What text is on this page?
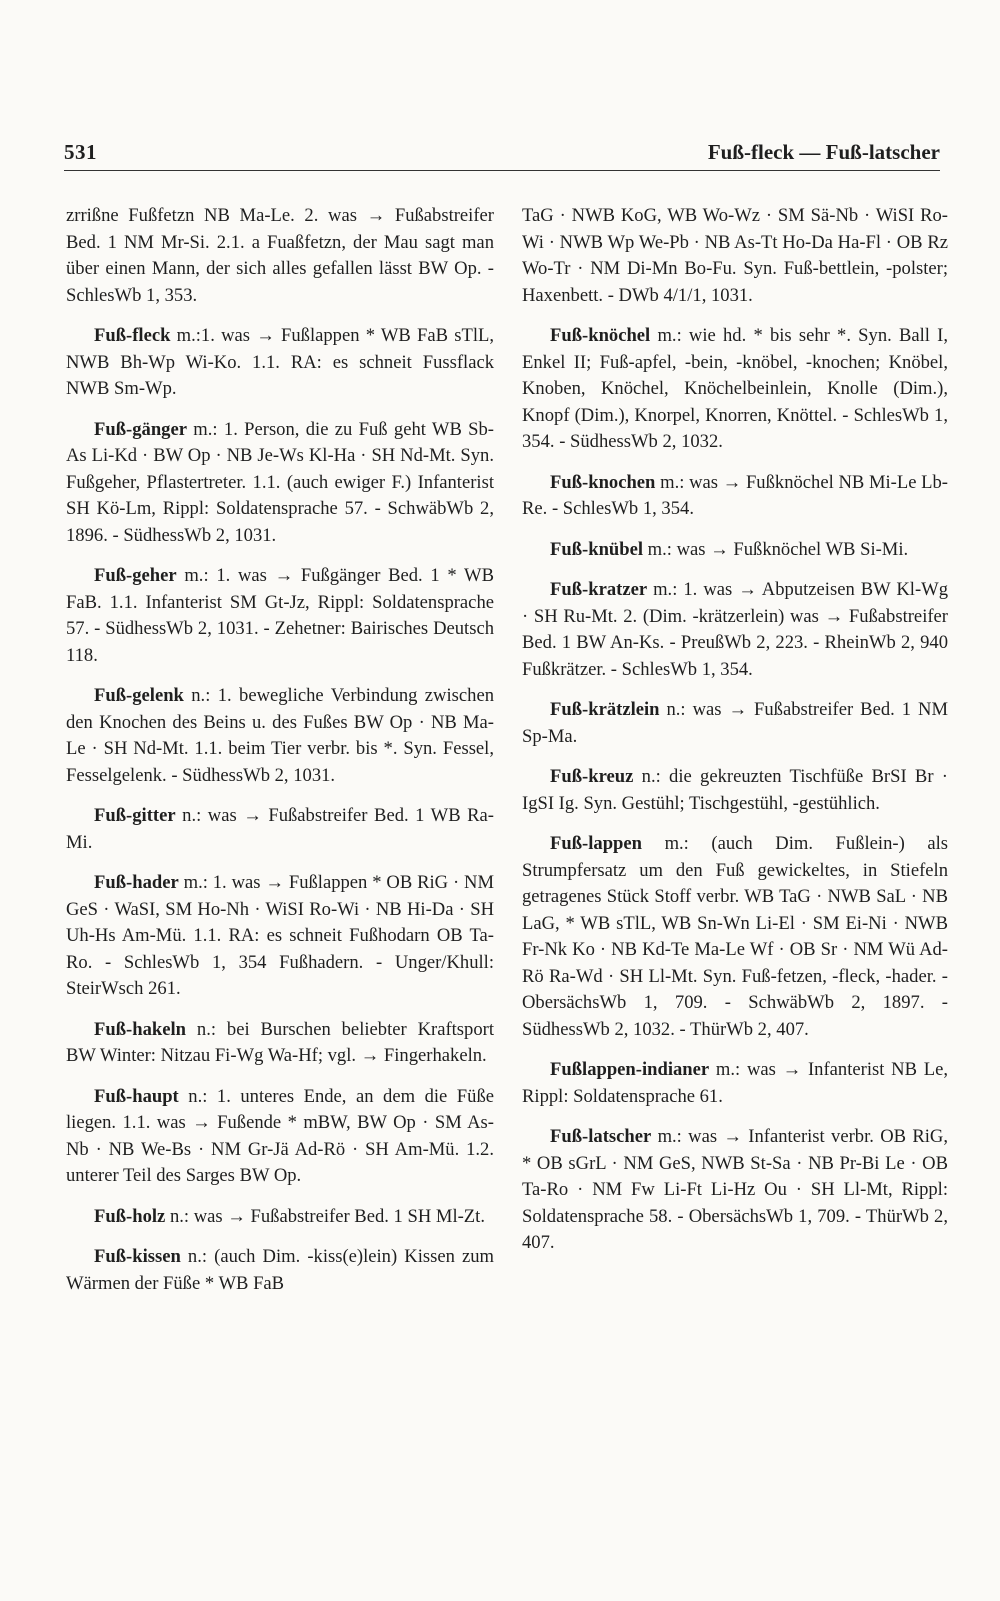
531	Fuß-fleck — Fuß-latscher

zrrißne Fußfetzn NB Ma-Le. 2. was → Fußabstreifer Bed. 1 NM Mr-Si. 2.1. a Fuaßfetzn, der Mau sagt man über einen Mann, der sich alles gefallen lässt BW Op. - SchlesWb 1, 353.

Fuß-fleck m.:1. was → Fußlappen * WB FaB sTlL, NWB Bh-Wp Wi-Ko. 1.1. RA: es schneit Fussflack NWB Sm-Wp.

Fuß-gänger m.: 1. Person, die zu Fuß geht WB Sb-As Li-Kd · BW Op · NB Je-Ws Kl-Ha · SH Nd-Mt. Syn. Fußgeher, Pflastertreter. 1.1. (auch ewiger F.) Infanterist SH Kö-Lm, Rippl: Soldatensprache 57. - SchwäbWb 2, 1896. - SüdhessWb 2, 1031.

Fuß-geher m.: 1. was → Fußgänger Bed. 1 * WB FaB. 1.1. Infanterist SM Gt-Jz, Rippl: Soldatensprache 57. - SüdhessWb 2, 1031. - Zehetner: Bairisches Deutsch 118.

Fuß-gelenk n.: 1. bewegliche Verbindung zwischen den Knochen des Beins u. des Fußes BW Op · NB Ma-Le · SH Nd-Mt. 1.1. beim Tier verbr. bis *. Syn. Fessel, Fesselgelenk. - SüdhessWb 2, 1031.

Fuß-gitter n.: was → Fußabstreifer Bed. 1 WB Ra-Mi.

Fuß-hader m.: 1. was → Fußlappen * OB RiG · NM GeS · WaSI, SM Ho-Nh · WiSI Ro-Wi · NB Hi-Da · SH Uh-Hs Am-Mü. 1.1. RA: es schneit Fußhodarn OB Ta-Ro. - SchlesWb 1, 354 Fußhadern. - Unger/Khull: SteirWsch 261.

Fuß-hakeln n.: bei Burschen beliebter Kraftsport BW Winter: Nitzau Fi-Wg Wa-Hf; vgl. → Fingerhakeln.

Fuß-haupt n.: 1. unteres Ende, an dem die Füße liegen. 1.1. was → Fußende * mBW, BW Op · SM As-Nb · NB We-Bs · NM Gr-Jä Ad-Rö · SH Am-Mü. 1.2. unterer Teil des Sarges BW Op.

Fuß-holz n.: was → Fußabstreifer Bed. 1 SH Ml-Zt.

Fuß-kissen n.: (auch Dim. -kiss(e)lein) Kissen zum Wärmen der Füße * WB FaB

TaG · NWB KoG, WB Wo-Wz · SM Sä-Nb · WiSI Ro-Wi · NWB Wp We-Pb · NB As-Tt Ho-Da Ha-Fl · OB Rz Wo-Tr · NM Di-Mn Bo-Fu. Syn. Fuß-bettlein, -polster; Haxenbett. - DWb 4/1/1, 1031.

Fuß-knöchel m.: wie hd. * bis sehr *. Syn. Ball I, Enkel II; Fuß-apfel, -bein, -knöbel, -knochen; Knöbel, Knoben, Knöchel, Knöchelbeinlein, Knolle (Dim.), Knopf (Dim.), Knorpel, Knorren, Knöttel. - SchlesWb 1, 354. - SüdhessWb 2, 1032.

Fuß-knochen m.: was → Fußknöchel NB Mi-Le Lb-Re. - SchlesWb 1, 354.

Fuß-knübel m.: was → Fußknöchel WB Si-Mi.

Fuß-kratzer m.: 1. was → Abputzeisen BW Kl-Wg · SH Ru-Mt. 2. (Dim. -krätzerlein) was → Fußabstreifer Bed. 1 BW An-Ks. - PreußWb 2, 223. - RheinWb 2, 940 Fußkrätzer. - SchlesWb 1, 354.

Fuß-krätzlein n.: was → Fußabstreifer Bed. 1 NM Sp-Ma.

Fuß-kreuz n.: die gekreuzten Tischfüße BrSI Br · IgSI Ig. Syn. Gestühl; Tischgestühl, -gestühlich.

Fuß-lappen m.: (auch Dim. Fußlein-) als Strumpfersatz um den Fuß gewickeltes, in Stiefeln getragenes Stück Stoff verbr. WB TaG · NWB SaL · NB LaG, * WB sTlL, WB Sn-Wn Li-El · SM Ei-Ni · NWB Fr-Nk Ko · NB Kd-Te Ma-Le Wf · OB Sr · NM Wü Ad-Rö Ra-Wd · SH Ll-Mt. Syn. Fuß-fetzen, -fleck, -hader. - ObersächsWb 1, 709. - SchwäbWb 2, 1897. - SüdhessWb 2, 1032. - ThürWb 2, 407.

Fußlappen-indianer m.: was → Infanterist NB Le, Rippl: Soldatensprache 61.

Fuß-latscher m.: was → Infanterist verbr. OB RiG, * OB sGrL · NM GeS, NWB St-Sa · NB Pr-Bi Le · OB Ta-Ro · NM Fw Li-Ft Li-Hz Ou · SH Ll-Mt, Rippl: Soldatensprache 58. - ObersächsWb 1, 709. - ThürWb 2, 407.
